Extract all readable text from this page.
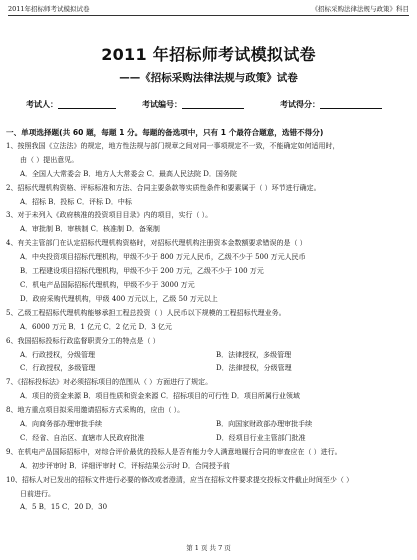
2011年招标师考试模拟试卷	《招标采购法律法规与政策》科目
2011 年招标师考试模拟试卷
——《招标采购法律法规与政策》试卷
考试人：	考试编号：	考试得分：
一、单项选择题(共 60 题，每题 1 分。每题的备选项中，只有 1 个最符合题意，选错不得分)
1、按照我国《立法法》的规定，地方性法规与部门规章之间对同一事项规定不一致，不能确定如何适用时，
由（ ）提出意见。
A．全国人大常委会 B．地方人大常委会 C．最高人民法院 D．国务院
2、招标代理机构资格、评标标准和方法、合同主要条款等实质性条件和要素属于（ ）环节进行确定。
A．招标 B．投标 C．评标 D．中标
3、对于未列入《政府核准的投资项目目录》内的项目，实行（ ）。
A．审批制 B．审核制 C．核准制 D．备案制
4、有关主管部门在认定招标代理机构资格时，对招标代理机构注册资本金数额要求错误的是（ ）
A．中央投资项目招标代理机构，甲级不少于 800 万元人民币，乙级不少于 500 万元人民币
B．工程建设项目招标代理机构，甲级不少于 200 万元，乙级不少于 100 万元
C．机电产品国际招标代理机构，甲级不少于 3000 万元
D．政府采购代理机构，甲级 400 万元以上，乙级 50 万元以上
5、乙级工程招标代理机构能够承担工程总投资（ ）人民币以下规模的工程招标代理业务。
A．6000 万元 B．1 亿元 C．2 亿元 D．3 亿元
6、我国招标投标行政监督职责分工的特点是（ ）
A．行政授权，分级管理	B．法律授权，多级管理
C．行政授权，多级管理	D．法律授权，分级管理
7、《招标投标法》对必须招标项目的范围从（ ）方面进行了规定。
A．项目的资金来源 B．项目性质和资金来源 C．招标项目的可行性 D．项目所属行业领域
8、地方重点项目拟采用邀请招标方式采购的，应由（ ）。
A．向商务部办理审批手续	B．向国家财政部办理审批手续
C．经省、自治区、直辖市人民政府批准	D．经项目行业主管部门批准
9、在机电产品国际招标中，对综合评价最优的投标人是否有能力令人满意地履行合同的审查应在（ ）进行。
A．初步评审时 B．详细评审时 C．评标结果公示时 D．合同授予前
10、招标人对已发出的招标文件进行必要的修改或者澄清，应当在招标文件要求提交投标文件截止时间至少（ ）
日前进行。
A．5 B．15 C．20 D．30
第 1 页 共 7 页
